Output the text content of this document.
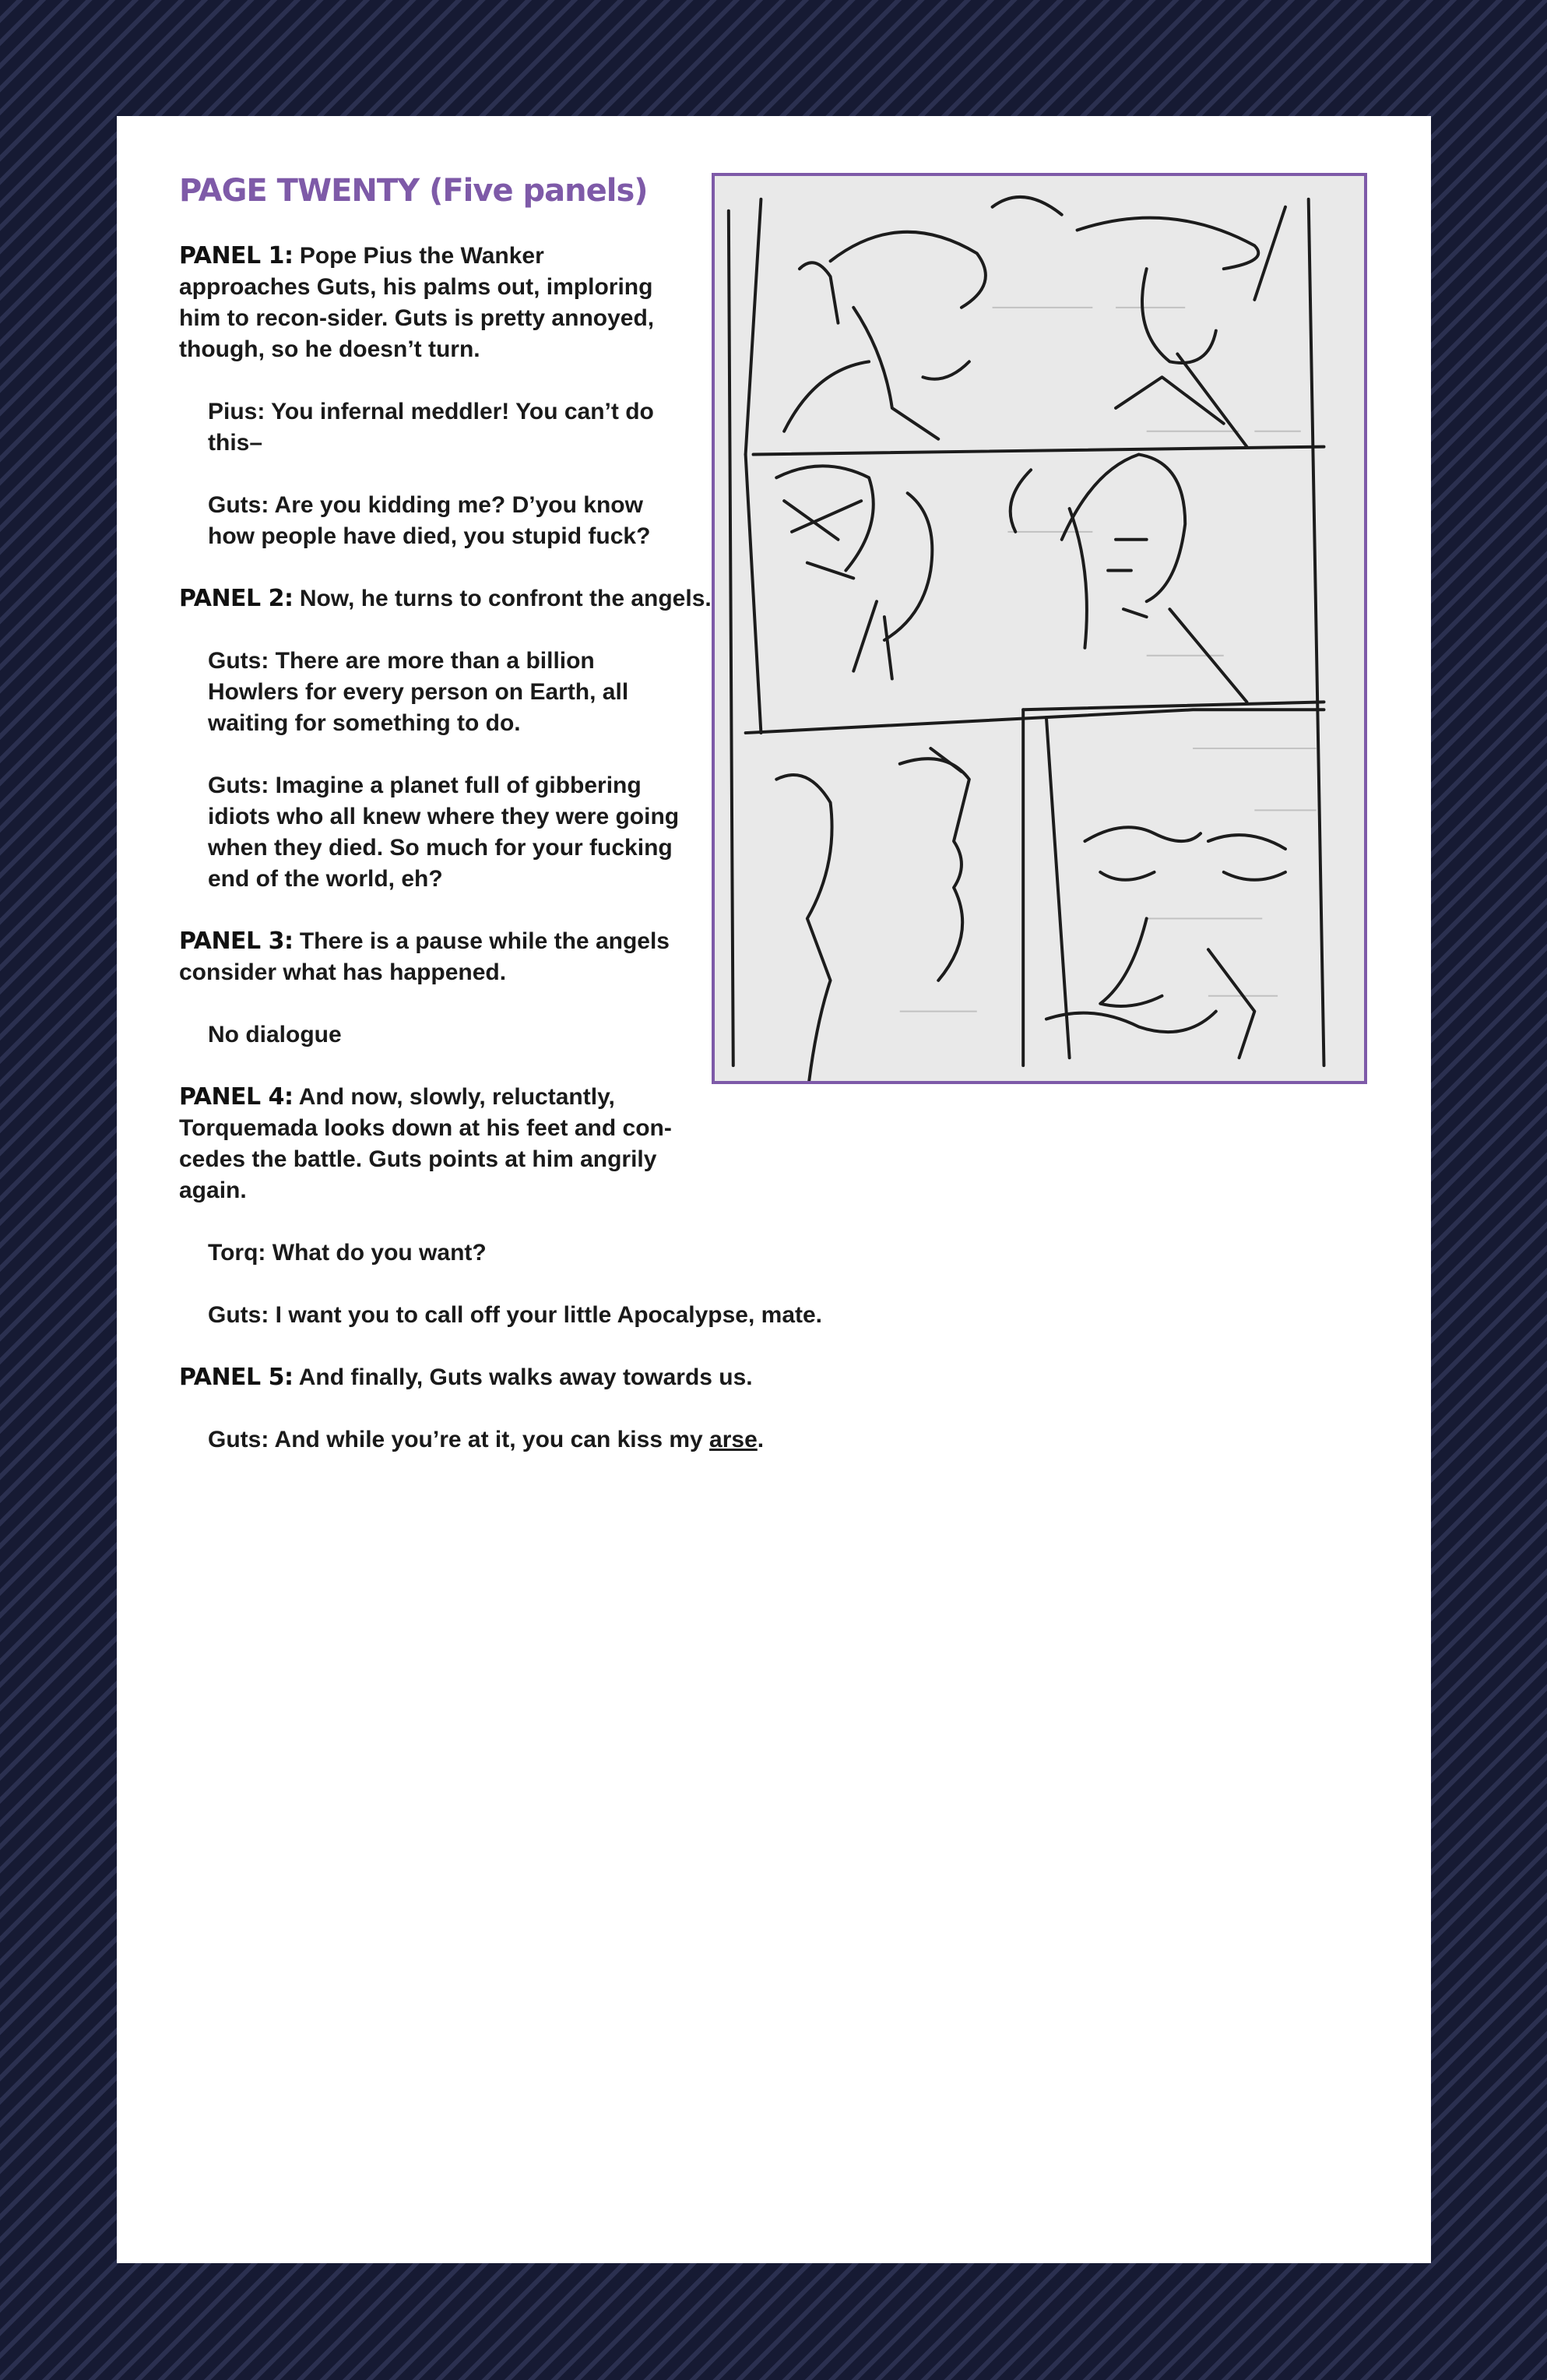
PAGE TWENTY (Five panels)

PANEL 1: Pope Pius the Wanker approaches Guts, his palms out, imploring him to recon-sider. Guts is pretty annoyed, though, so he doesn’t turn.

Pius: You infernal meddler! You can’t do this–

Guts: Are you kidding me? D’you know how people have died, you stupid fuck?

PANEL 2: Now, he turns to confront the angels.

Guts: There are more than a billion Howlers for every person on Earth, all waiting for something to do.

Guts: Imagine a planet full of gibbering idiots who all knew where they were going when they died. So much for your fucking end of the world, eh?

PANEL 3: There is a pause while the angels consider what has happened.

No dialogue

PANEL 4: And now, slowly, reluctantly, Torquemada looks down at his feet and con-cedes the battle. Guts points at him angrily again.

Torq: What do you want?

Guts: I want you to call off your little Apocalypse, mate.

PANEL 5: And finally, Guts walks away towards us.

Guts: And while you’re at it, you can kiss my arse.
